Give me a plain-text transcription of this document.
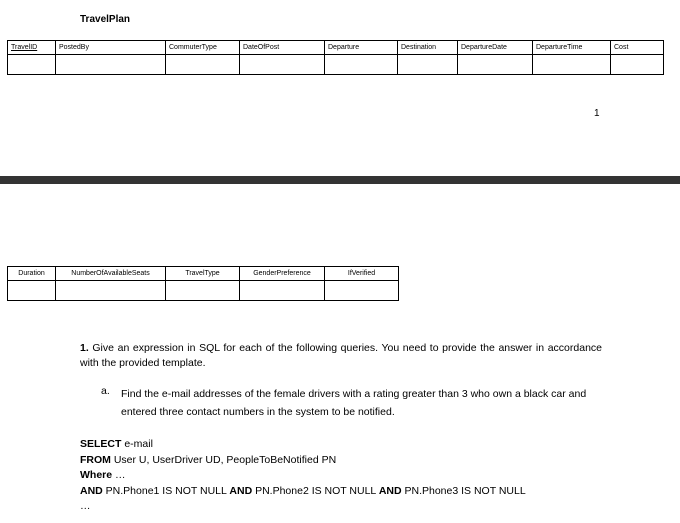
TravelPlan
TravelID	PostedBy	CommuterType	DateOfPost	Departure	Destination	DepartureDate	DepartureTime	Cost

1
Duration	NumberOfAvailableSeats	TravelType	GenderPreference	IfVerified

1. Give an expression in SQL for each of the following queries. You need to provide the answer in accordance with the provided template.
a. Find the e-mail addresses of the female drivers with a rating greater than 3 who own a black car and entered three contact numbers in the system to be notified.
SELECT e-mail
FROM User U, UserDriver UD, PeopleToBeNotified PN
Where …
AND PN.Phone1 IS NOT NULL AND PN.Phone2 IS NOT NULL AND PN.Phone3 IS NOT NULL
…
